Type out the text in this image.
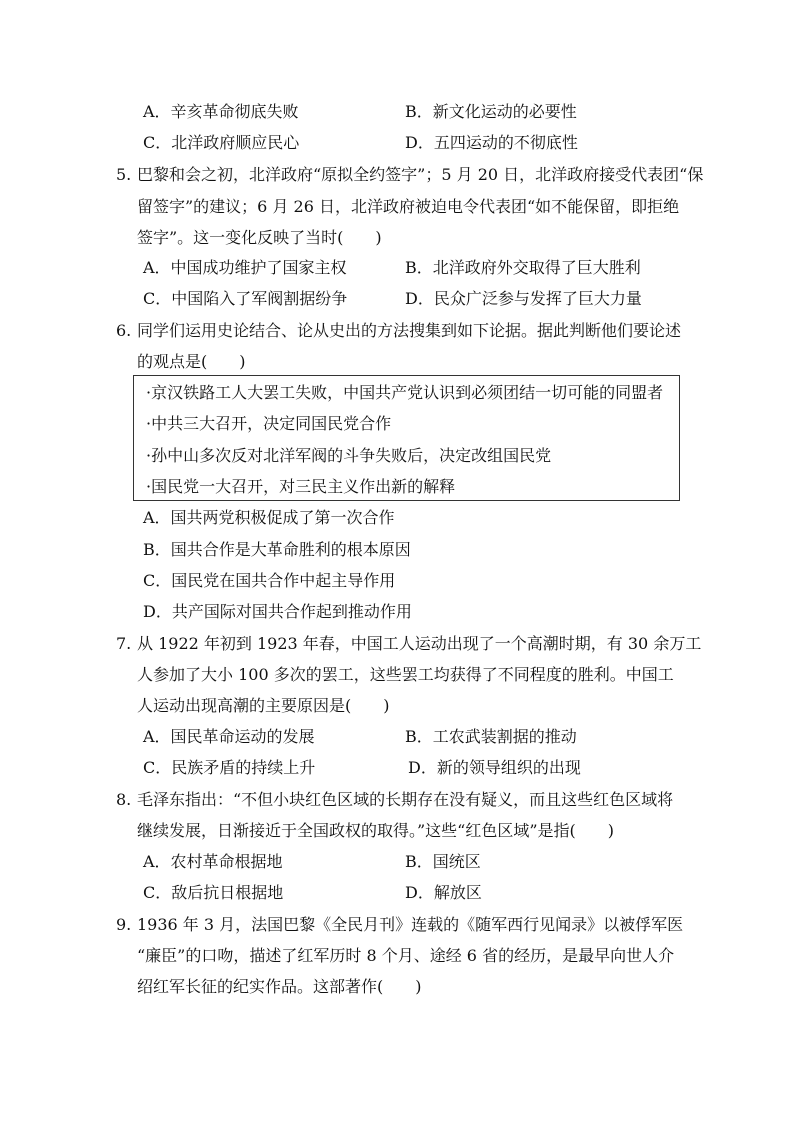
A．辛亥革命彻底失败	B．新文化运动的必要性
C．北洋政府顺应民心	D．五四运动的不彻底性
5. 巴黎和会之初，北洋政府“原拟全约签字”；5 月 20 日，北洋政府接受代表团“保
留签字”的建议；6 月 26 日，北洋政府被迫电令代表团“如不能保留，即拒绝
签字”。这一变化反映了当时(　　)
A．中国成功维护了国家主权	B．北洋政府外交取得了巨大胜利
C．中国陷入了军阀割据纷争	D．民众广泛参与发挥了巨大力量
6. 同学们运用史论结合、论从史出的方法搜集到如下论据。据此判断他们要论述
的观点是(　　)
·京汉铁路工人大罢工失败，中国共产党认识到必须团结一切可能的同盟者
·中共三大召开，决定同国民党合作
·孙中山多次反对北洋军阀的斗争失败后，决定改组国民党
·国民党一大召开，对三民主义作出新的解释
A．国共两党积极促成了第一次合作
B．国共合作是大革命胜利的根本原因
C．国民党在国共合作中起主导作用
D．共产国际对国共合作起到推动作用
7. 从 1922 年初到 1923 年春，中国工人运动出现了一个高潮时期，有 30 余万工
人参加了大小 100 多次的罢工，这些罢工均获得了不同程度的胜利。中国工
人运动出现高潮的主要原因是(　　)
A．国民革命运动的发展	B．工农武装割据的推动
C．民族矛盾的持续上升	D．新的领导组织的出现
8. 毛泽东指出：“不但小块红色区域的长期存在没有疑义，而且这些红色区域将
继续发展，日渐接近于全国政权的取得。”这些“红色区域”是指(　　)
A．农村革命根据地	B．国统区
C．敌后抗日根据地	D．解放区
9. 1936 年 3 月，法国巴黎《全民月刊》连载的《随军西行见闻录》以被俘军医
“廉臣”的口吻，描述了红军历时 8 个月、途经 6 省的经历，是最早向世人介
绍红军长征的纪实作品。这部著作(　　)
